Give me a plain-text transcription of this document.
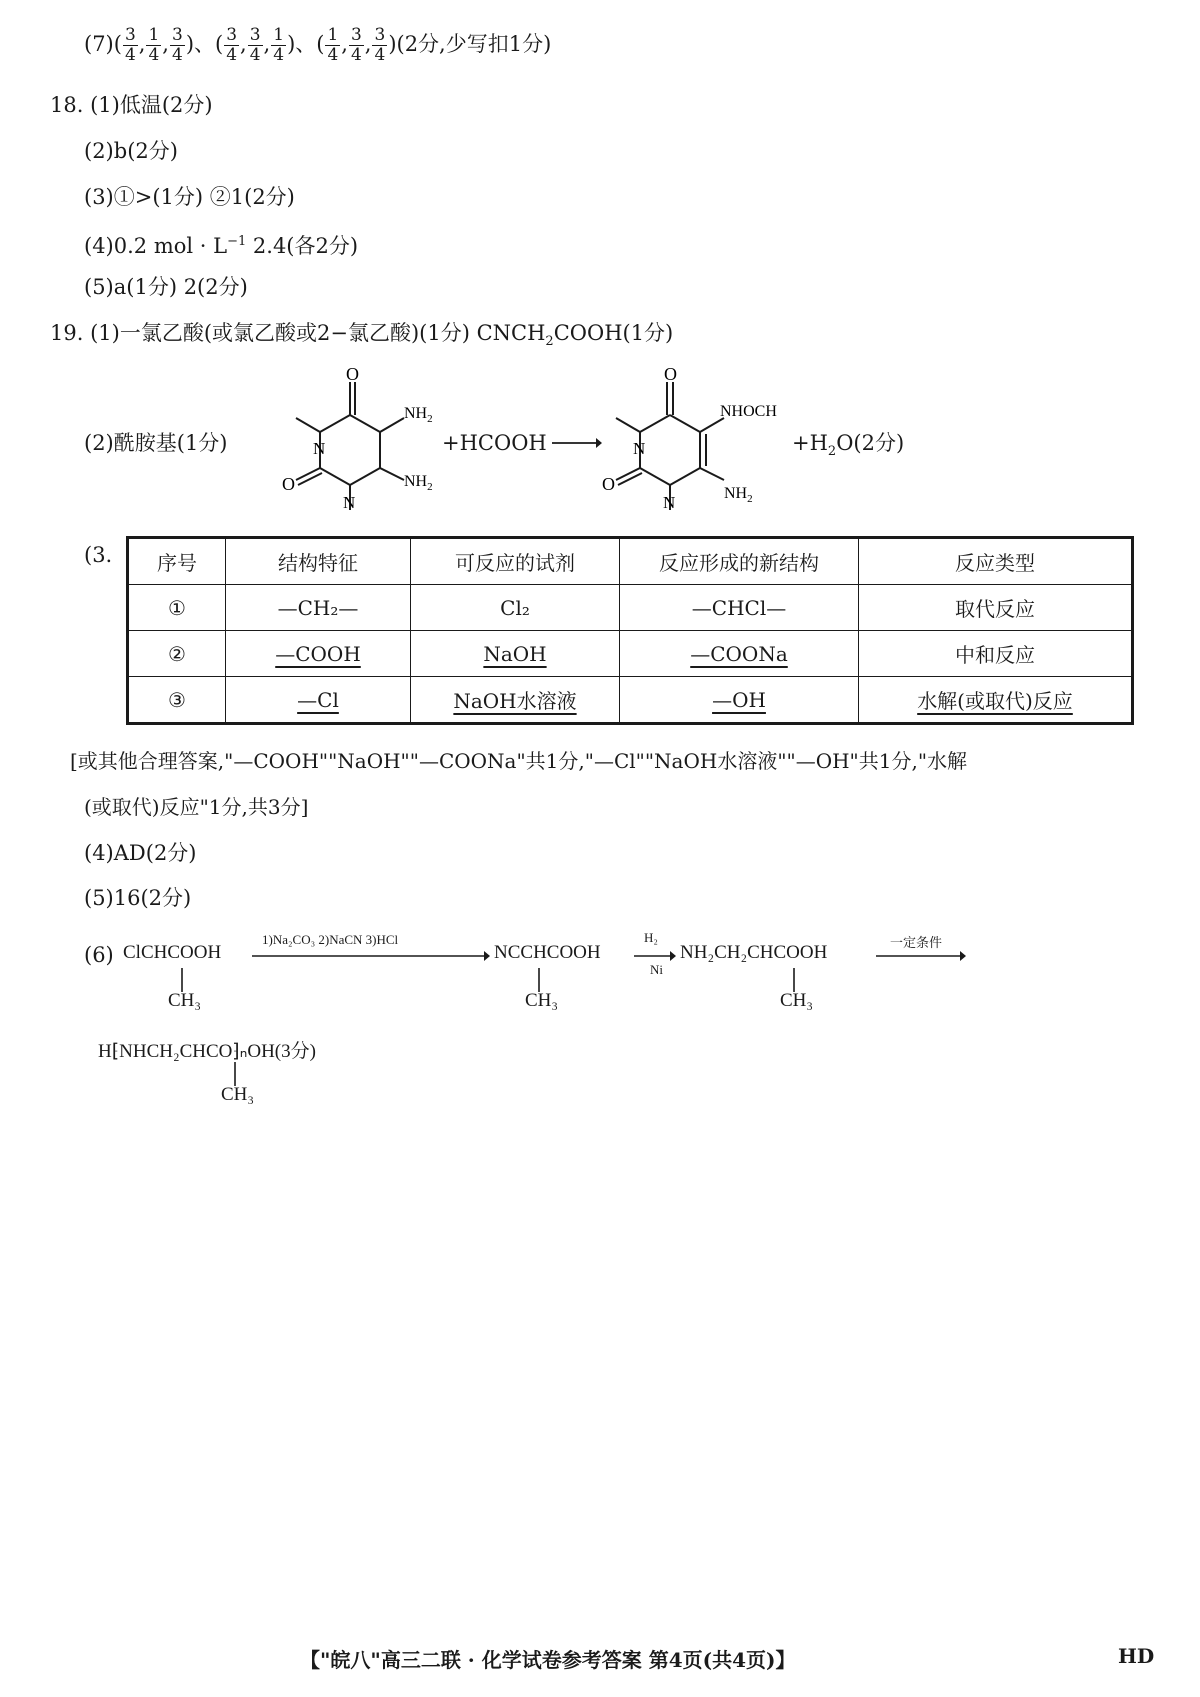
$(7)( \frac{3}{4}$ , $\frac{1}{4}$ , $\frac{3}{4}$ )、( $\frac{3}{4}$ , $\frac{3}{4}$ , $\frac{1}{4}$ )、( $\frac{1}{4}$ , $\frac{3}{4}$ , $\frac{3}{4} )(2$分,少写扣1分)
18. (1)低温(2分)
(2)b(2分)
(3)①>(1分) ②1(2分)
(4)0.2 mol · $L^{-1}$ 2.4(各2分)
(5)a(1分) 2(2分)
19. (1)一氯乙酸(或氯乙酸或2−氯乙酸)(1分) $CNCH_2COOH(1$分)
(2)酰胺基(1分)
O
N
N
O
$NH_2$
$NH_2$
+HCOOH →
O
N
N
O
NHOCH
$NH_2$
$+H_2O(2$分)
(3. 序号	结构特征	可反应的试剂	反应形成的新结构	反应类型
①	—CH₂—	Cl₂	—CHCl—	取代反应
②	—COOH	NaOH	—COONa	中和反应
③	—Cl	NaOH水溶液	—OH	水解(或取代)反应
[或其他合理答案,"—COOH""NaOH""—COONa"共1分,"—Cl""NaOH水溶液""—OH"共1分,"水解
(或取代)反应"1分,共3分]
(4)AD(2分)
(5)16(2分)
(6) ClCHCOOH
CH₃
1)Na₂CO₃ 2)NaCN 3)HCl
NCCHCOOH
CH₃
H₂
Ni
NH₂CH₂CHCOOH
CH₃
一定条件
H⁅NHCH₂CHCO⁆ₙOH(3分)
CH₃
【"皖八"高三二联 · 化学试卷参考答案 第4页(共4页)】	HD
